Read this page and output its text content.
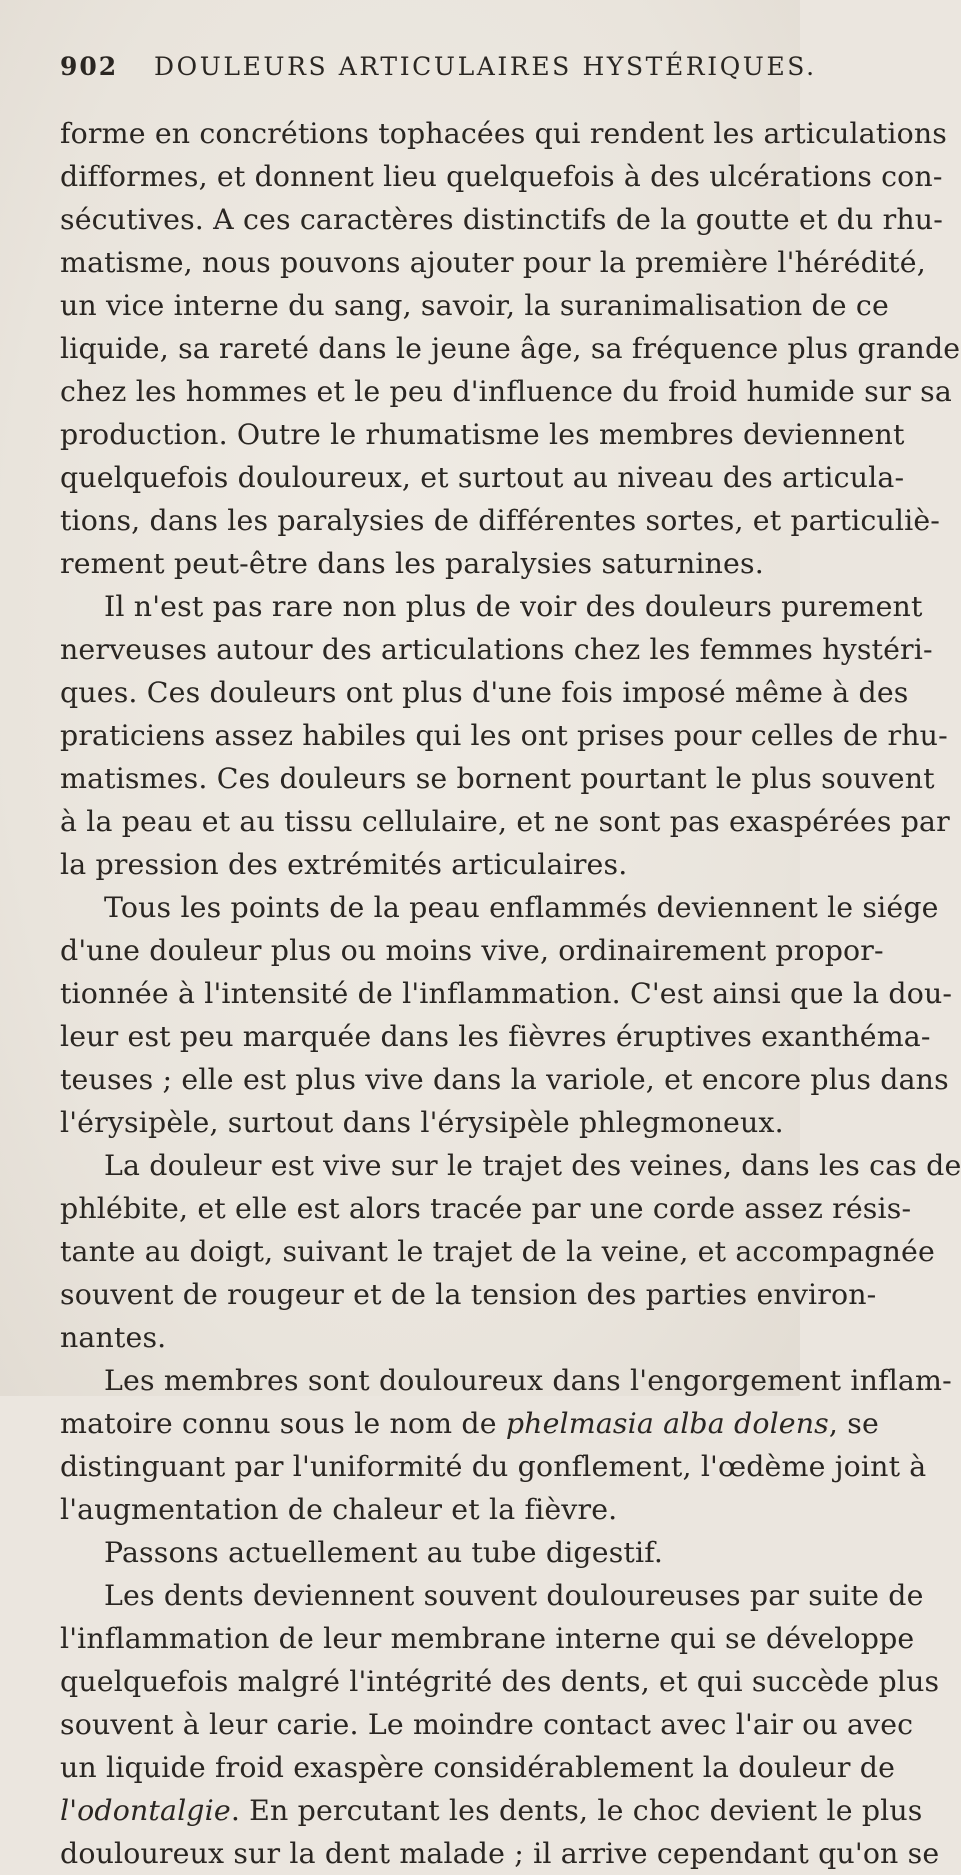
902 DOULEURS ARTICULAIRES HYSTÉRIQUES.
forme en concrétions tophacées qui rendent les articulations
difformes, et donnent lieu quelquefois à des ulcérations con-
sécutives. A ces caractères distinctifs de la goutte et du rhu-
matisme, nous pouvons ajouter pour la première l'hérédité,
un vice interne du sang, savoir, la suranimalisation de ce
liquide, sa rareté dans le jeune âge, sa fréquence plus grande
chez les hommes et le peu d'influence du froid humide sur sa
production. Outre le rhumatisme les membres deviennent
quelquefois douloureux, et surtout au niveau des articula-
tions, dans les paralysies de différentes sortes, et particuliè-
rement peut-être dans les paralysies saturnines.
Il n'est pas rare non plus de voir des douleurs purement
nerveuses autour des articulations chez les femmes hystéri-
ques. Ces douleurs ont plus d'une fois imposé même à des
praticiens assez habiles qui les ont prises pour celles de rhu-
matismes. Ces douleurs se bornent pourtant le plus souvent
à la peau et au tissu cellulaire, et ne sont pas exaspérées par
la pression des extrémités articulaires.
Tous les points de la peau enflammés deviennent le siége
d'une douleur plus ou moins vive, ordinairement propor-
tionnée à l'intensité de l'inflammation. C'est ainsi que la dou-
leur est peu marquée dans les fièvres éruptives exanthéma-
teuses ; elle est plus vive dans la variole, et encore plus dans
l'érysipèle, surtout dans l'érysipèle phlegmoneux.
La douleur est vive sur le trajet des veines, dans les cas de
phlébite, et elle est alors tracée par une corde assez résis-
tante au doigt, suivant le trajet de la veine, et accompagnée
souvent de rougeur et de la tension des parties environ-
nantes.
Les membres sont douloureux dans l'engorgement inflam-
matoire connu sous le nom de phelmasia alba dolens, se
distinguant par l'uniformité du gonflement, l'œdème joint à
l'augmentation de chaleur et la fièvre.
Passons actuellement au tube digestif.
Les dents deviennent souvent douloureuses par suite de
l'inflammation de leur membrane interne qui se développe
quelquefois malgré l'intégrité des dents, et qui succède plus
souvent à leur carie. Le moindre contact avec l'air ou avec
un liquide froid exaspère considérablement la douleur de
l'odontalgie. En percutant les dents, le choc devient le plus
douloureux sur la dent malade ; il arrive cependant qu'on se
